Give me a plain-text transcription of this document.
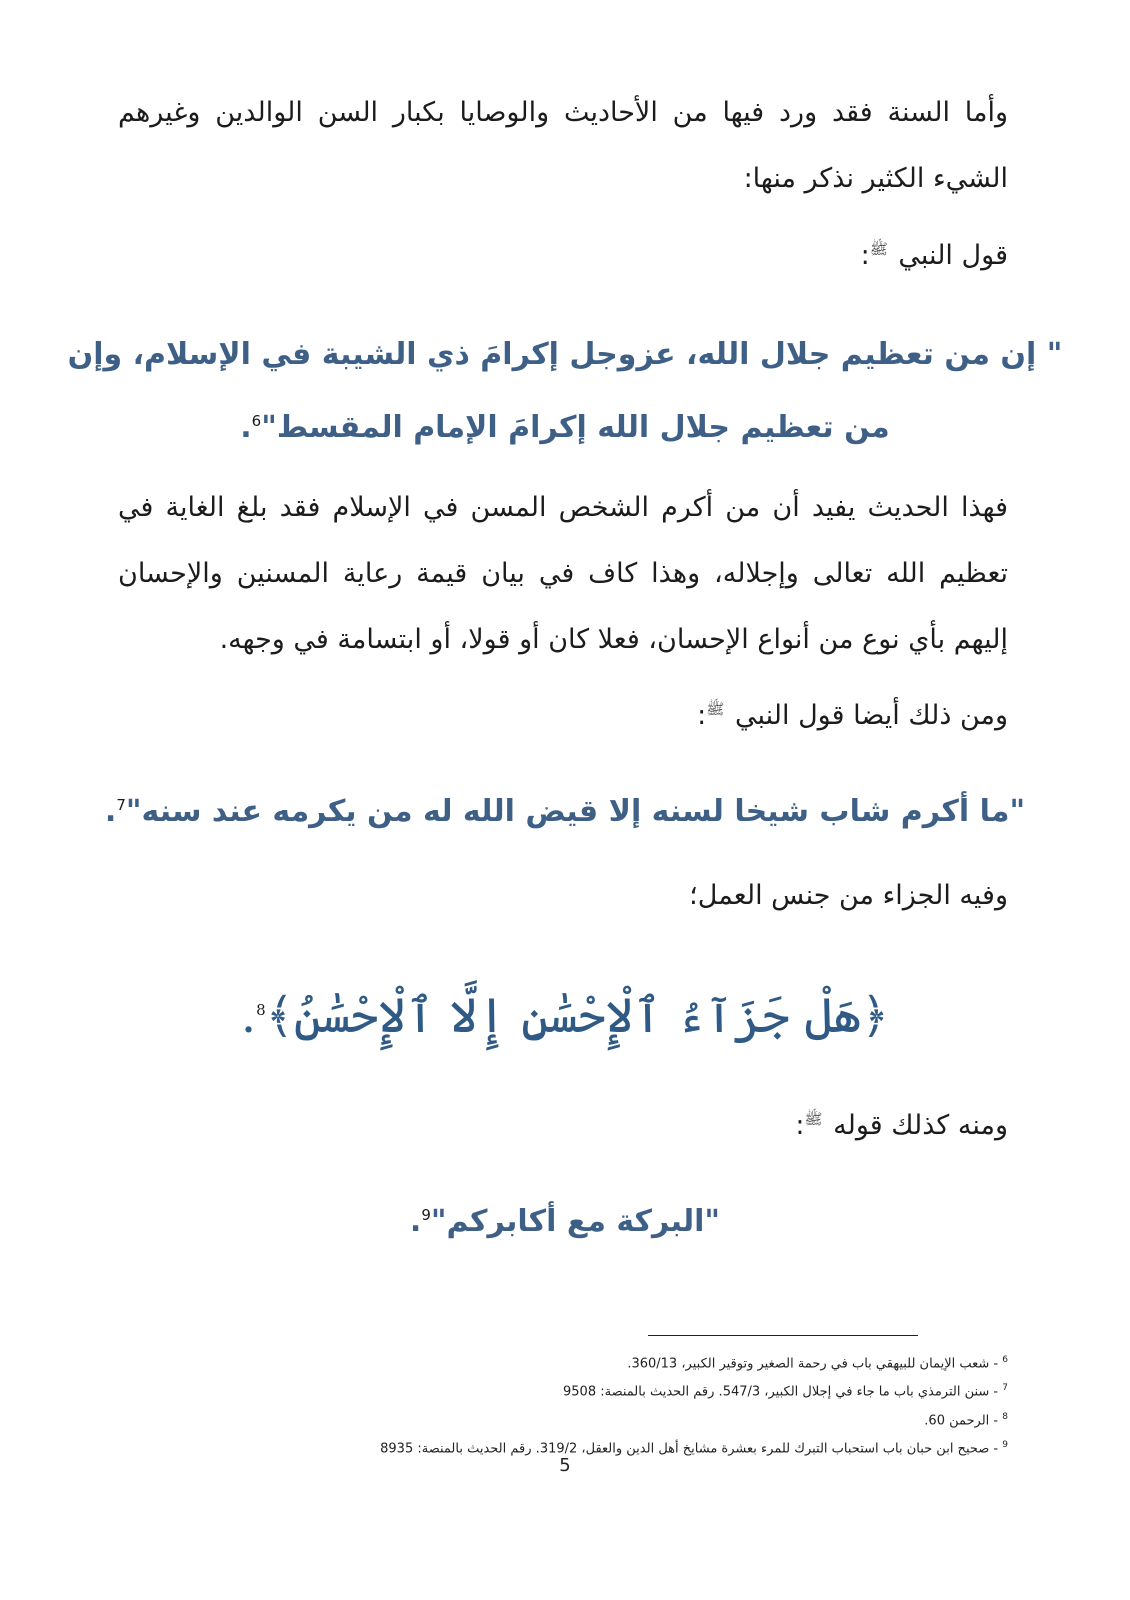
وأما السنة فقد ورد فيها من الأحاديث والوصايا بكبار السن الوالدين وغيرهم الشيء الكثير نذكر منها:

قول النبي $^ﷺ$:

" إن من تعظيم جلال الله، عزوجل إكرامَ ذي الشيبة في الإسلام، وإن

من تعظيم جلال الله إكرامَ الإمام المقسط"$^6$.

فهذا الحديث يفيد أن من أكرم الشخص المسن في الإسلام فقد بلغ الغاية في تعظيم الله تعالى وإجلاله، وهذا كاف في بيان قيمة رعاية المسنين والإحسان إليهم بأي نوع من أنواع الإحسان، فعلا كان أو قولا، أو ابتسامة في وجهه.

ومن ذلك أيضا قول النبي $^ﷺ$:

"ما أكرم شاب شيخا لسنه إلا قيض الله له من يكرمه عند سنه"$^7$.

وفيه الجزاء من جنس العمل؛

﴿هَلْ جَزَآءُ ٱلْإِحْسَٰنِ إِلَّا ٱلْإِحْسَٰنُ﴾$^8$.

ومنه كذلك قوله $^ﷺ$:

"البركة مع أكابركم"$^9$.

$^6$ - شعب الإيمان للبيهقي باب في رحمة الصغير وتوقير الكبير، 360/13.
$^7$ - سنن الترمذي باب ما جاء في إجلال الكبير، 547/3. رقم الحديث بالمنصة: 9508
$^8$ - الرحمن 60.
$^9$ - صحيح ابن حبان باب استحباب التبرك للمرء بعشرة مشايخ أهل الدين والعقل، 319/2. رقم الحديث بالمنصة: 8935
5
